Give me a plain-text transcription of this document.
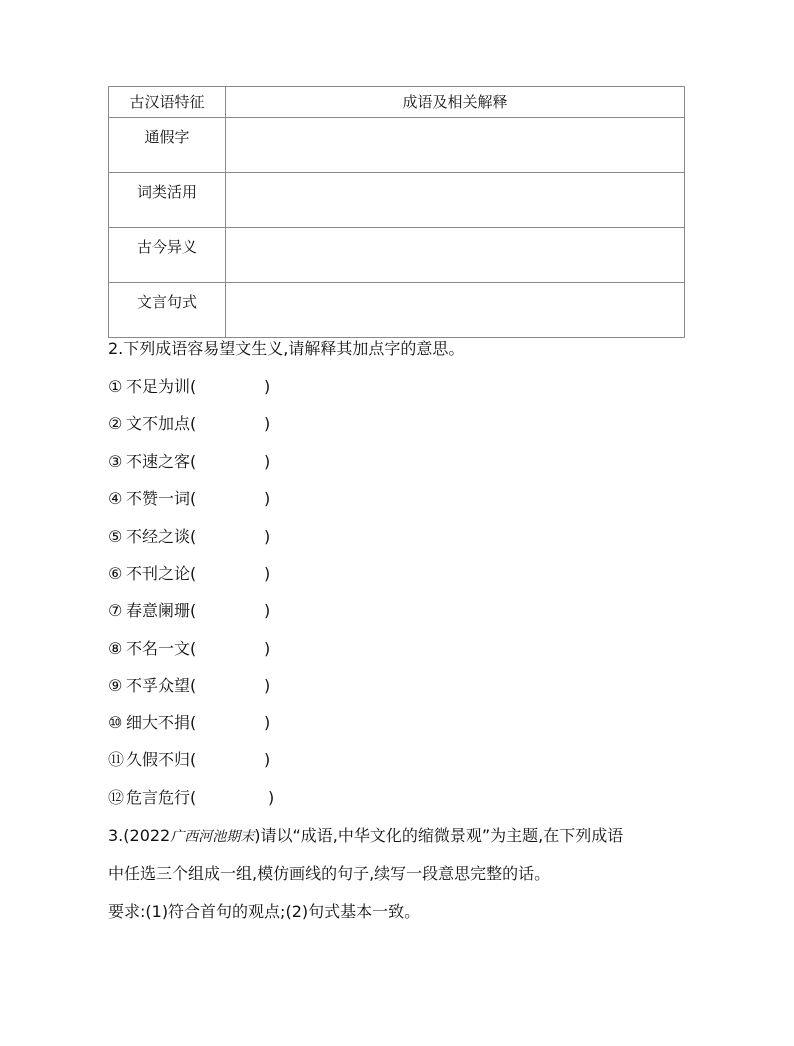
古汉语特征	成语及相关解释
通假字	
词类活用	
古今异义	
文言句式	
2.下列成语容易望文生义,请解释其加点字的意思。
① 不足为训(	)
② 文不加点(	)
③ 不速之客(	)
④ 不赞一词(	)
⑤ 不经之谈(	)
⑥ 不刊之论(	)
⑦ 春意阑珊(	)
⑧ 不名一文(	)
⑨ 不孚众望(	)
⑩ 细大不捐(	)
⑪ 久假不归(	)
⑫ 危言危行(	)
3.(2022广西河池期末)请以“成语,中华文化的缩微景观”为主题,在下列成语
中任选三个组成一组,模仿画线的句子,续写一段意思完整的话。
要求:(1)符合首句的观点;(2)句式基本一致。
